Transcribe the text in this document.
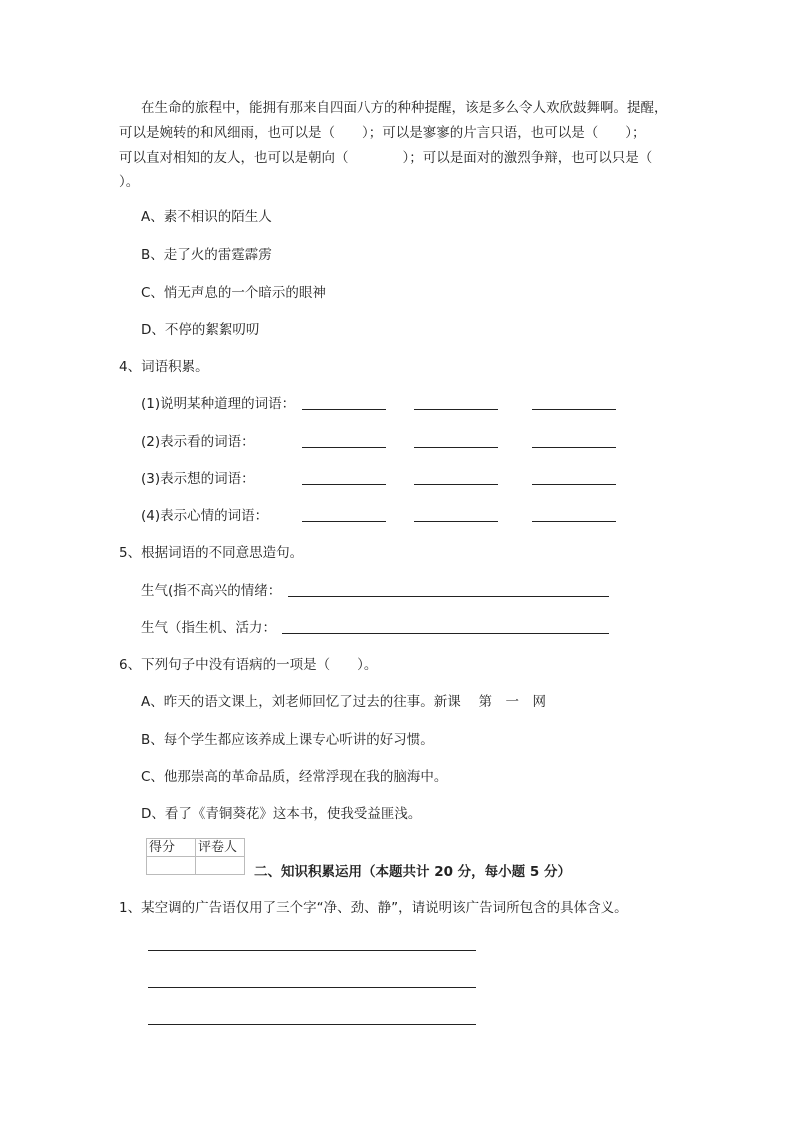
在生命的旅程中，能拥有那来自四面八方的种种提醒，该是多么令人欢欣鼓舞啊。提醒，
可以是婉转的和风细雨，也可以是（　　）；可以是寥寥的片言只语，也可以是（　　）；
可以直对相知的友人，也可以是朝向（　　　　）；可以是面对的激烈争辩，也可以只是（
）。
A、素不相识的陌生人
B、走了火的雷霆霹雳
C、悄无声息的一个暗示的眼神
D、不停的絮絮叨叨
4、词语积累。
(1)说明某种道理的词语：
(2)表示看的词语：
(3)表示想的词语：
(4)表示心情的词语：
5、根据词语的不同意思造句。
生气(指不高兴的情绪：
生气（指生机、活力：
6、下列句子中没有语病的一项是（　　）。
A、昨天的语文课上，刘老师回忆了过去的往事。新课　 第　一　网
B、每个学生都应该养成上课专心听讲的好习惯。
C、他那崇高的革命品质，经常浮现在我的脑海中。
D、看了《青铜葵花》这本书，使我受益匪浅。
得分	评卷人

二、知识积累运用（本题共计 20 分，每小题 5 分）
1、某空调的广告语仅用了三个字“净、劲、静”，请说明该广告词所包含的具体含义。
